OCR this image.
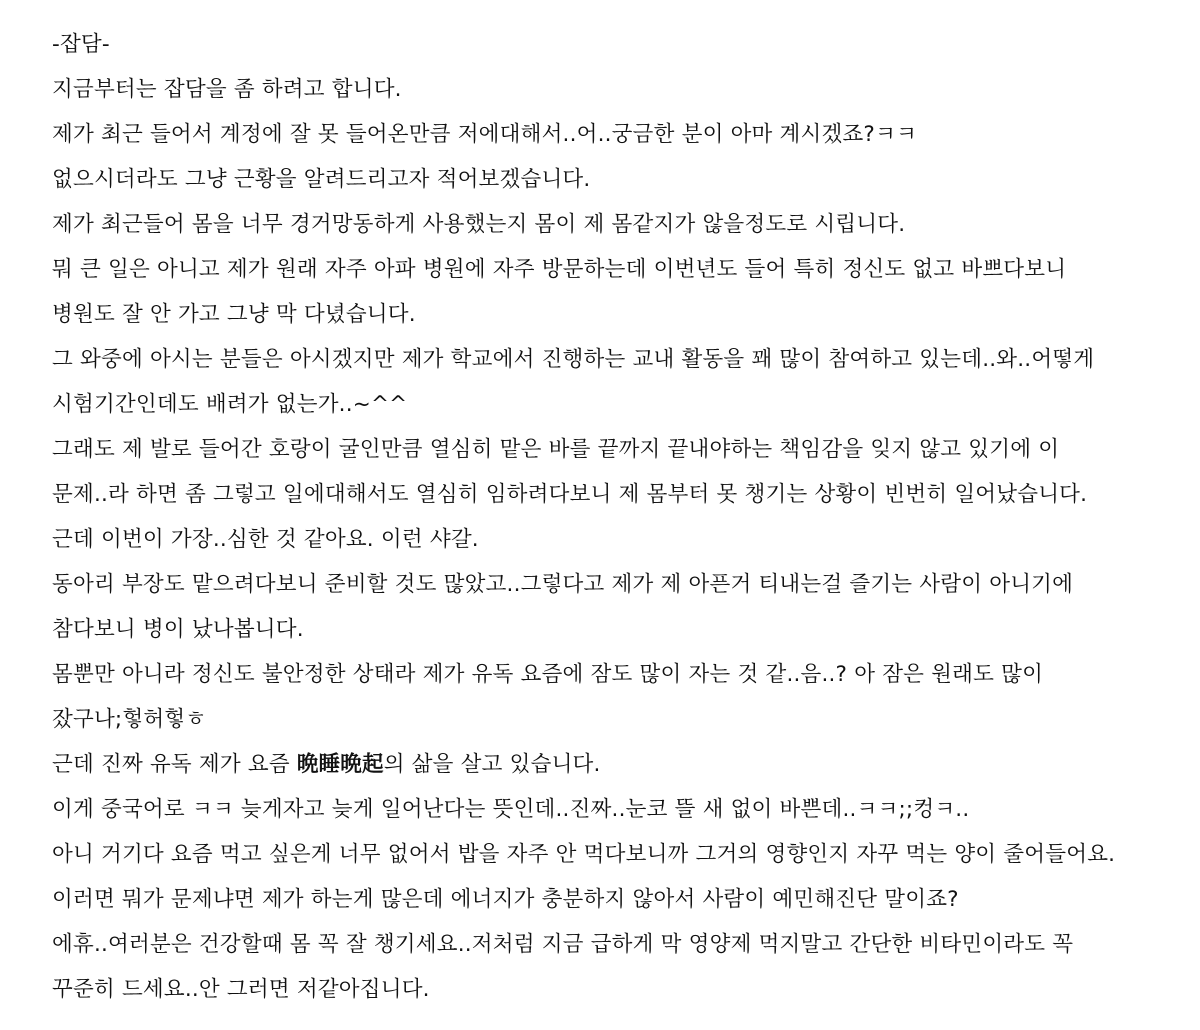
-잡담-

지금부터는 잡담을 좀 하려고 합니다.

제가 최근 들어서 계정에 잘 못 들어온만큼 저에대해서..어..궁금한 분이 아마 계시겠죠?ㅋㅋ

없으시더라도 그냥 근황을 알려드리고자 적어보겠습니다.

제가 최근들어 몸을 너무 경거망동하게 사용했는지 몸이 제 몸같지가 않을정도로 시립니다.

뭐 큰 일은 아니고 제가 원래 자주 아파 병원에 자주 방문하는데 이번년도 들어 특히 정신도 없고 바쁘다보니

병원도 잘 안 가고 그냥 막 다녔습니다.

그 와중에 아시는 분들은 아시겠지만 제가 학교에서 진행하는 교내 활동을 꽤 많이 참여하고 있는데..와..어떻게

시험기간인데도 배려가 없는가..~^^

그래도 제 발로 들어간 호랑이 굴인만큼 열심히 맡은 바를 끝까지 끝내야하는 책임감을 잊지 않고 있기에 이

문제..라 하면 좀 그렇고 일에대해서도 열심히 임하려다보니 제 몸부터 못 챙기는 상황이 빈번히 일어났습니다.

근데 이번이 가장..심한 것 같아요. 이런 샤갈.

동아리 부장도 맡으려다보니 준비할 것도 많았고..그렇다고 제가 제 아픈거 티내는걸 즐기는 사람이 아니기에

참다보니 병이 났나봅니다.

몸뿐만 아니라 정신도 불안정한 상태라 제가 유독 요즘에 잠도 많이 자는 것 같..음..? 아 잠은 원래도 많이

잤구나;헣허헣ㅎ

근데 진짜 유독 제가 요즘 晩睡晩起의 삶을 살고 있습니다.

이게 중국어로 ㅋㅋ 늦게자고 늦게 일어난다는 뜻인데..진짜..눈코 뜰 새 없이 바쁜데..ㅋㅋ;;컹ㅋ..

아니 거기다 요즘 먹고 싶은게 너무 없어서 밥을 자주 안 먹다보니까 그거의 영향인지 자꾸 먹는 양이 줄어들어요.

이러면 뭐가 문제냐면 제가 하는게 많은데 에너지가 충분하지 않아서 사람이 예민해진단 말이죠?

에휴..여러분은 건강할때 몸 꼭 잘 챙기세요..저처럼 지금 급하게 막 영양제 먹지말고 간단한 비타민이라도 꼭

꾸준히 드세요..안 그러면 저같아집니다.
